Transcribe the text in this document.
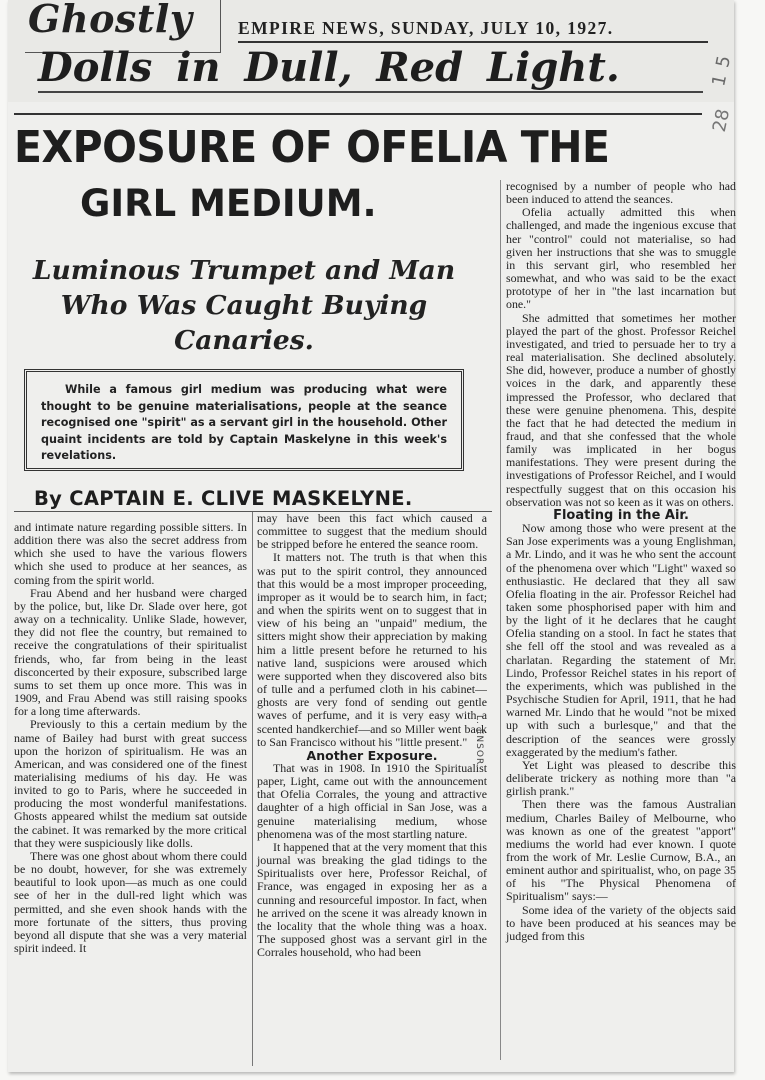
Ghostly	EMPIRE NEWS, SUNDAY, JULY 10, 1927.
Dolls in Dull, Red Light.	1 5
28
EXPOSURE OF OFELIA THE
GIRL MEDIUM.
Luminous Trumpet and Man Who Was Caught Buying Canaries.
While a famous girl medium was producing what were thought to be genuine materialisations, people at the seance recognised one "spirit" as a servant girl in the household. Other quaint incidents are told by Captain Maskelyne in this week's revelations.
By CAPTAIN E. CLIVE MASKELYNE.

and intimate nature regarding possible sitters. In addition there was also the secret address from which she used to have the various flowers which she used to produce at her seances, as coming from the spirit world.

Frau Abend and her husband were charged by the police, but, like Dr. Slade over here, got away on a technicality. Unlike Slade, however, they did not flee the country, but remained to receive the congratulations of their spiritualist friends, who, far from being in the least disconcerted by their exposure, subscribed large sums to set them up once more. This was in 1909, and Frau Abend was still raising spooks for a long time afterwards.

Previously to this a certain medium by the name of Bailey had burst with great success upon the horizon of spiritualism. He was an American, and was considered one of the finest materialising mediums of his day. He was invited to go to Paris, where he succeeded in producing the most wonderful manifestations. Ghosts appeared whilst the medium sat outside the cabinet. It was remarked by the more critical that they were suspiciously like dolls.

There was one ghost about whom there could be no doubt, however, for she was extremely beautiful to look upon—as much as one could see of her in the dull-red light which was permitted, and she even shook hands with the more fortunate of the sitters, thus proving beyond all dispute that she was a very material spirit indeed. It

may have been this fact which caused a committee to suggest that the medium should be stripped before he entered the seance room.

It matters not. The truth is that when this was put to the spirit control, they announced that this would be a most improper proceeding, improper as it would be to search him, in fact; and when the spirits went on to suggest that in view of his being an "unpaid" medium, the sitters might show their appreciation by making him a little present before he returned to his native land, suspicions were aroused which were supported when they discovered also bits of tulle and a perfumed cloth in his cabinet—ghosts are very fond of sending out gentle waves of perfume, and it is very easy with a scented handkerchief—and so Miller went back to San Francisco without his "little present."

Another Exposure.

That was in 1908. In 1910 the Spiritualist paper, Light, came out with the announcement that Ofelia Corrales, the young and attractive daughter of a high official in San Jose, was a genuine materialising medium, whose phenomena was of the most startling nature.

It happened that at the very moment that this journal was breaking the glad tidings to the Spiritualists over here, Professor Reichal, of France, was engaged in exposing her as a cunning and resourceful impostor. In fact, when he arrived on the scene it was already known in the locality that the whole thing was a hoax. The supposed ghost was a servant girl in the Corrales household, who had been

L. ENSOR

recognised by a number of people who had been induced to attend the seances.

Ofelia actually admitted this when challenged, and made the ingenious excuse that her "control" could not materialise, so had given her instructions that she was to smuggle in this servant girl, who resembled her somewhat, and who was said to be the exact prototype of her in "the last incarnation but one."

She admitted that sometimes her mother played the part of the ghost. Professor Reichel investigated, and tried to persuade her to try a real materialisation. She declined absolutely. She did, however, produce a number of ghostly voices in the dark, and apparently these impressed the Professor, who declared that these were genuine phenomena. This, despite the fact that he had detected the medium in fraud, and that she confessed that the whole family was implicated in her bogus manifestations. They were present during the investigations of Professor Reichel, and I would respectfully suggest that on this occasion his observation was not so keen as it was on others.

Floating in the Air.

Now among those who were present at the San Jose experiments was a young Englishman, a Mr. Lindo, and it was he who sent the account of the phenomena over which "Light" waxed so enthusiastic. He declared that they all saw Ofelia floating in the air. Professor Reichel had taken some phosphorised paper with him and by the light of it he declares that he caught Ofelia standing on a stool. In fact he states that she fell off the stool and was revealed as a charlatan. Regarding the statement of Mr. Lindo, Professor Reichel states in his report of the experiments, which was published in the Psychische Studien for April, 1911, that he had warned Mr. Lindo that he would "not be mixed up with such a burlesque," and that the description of the seances were grossly exaggerated by the medium's father.

Yet Light was pleased to describe this deliberate trickery as nothing more than "a girlish prank."

Then there was the famous Australian medium, Charles Bailey of Melbourne, who was known as one of the greatest "apport" mediums the world had ever known. I quote from the work of Mr. Leslie Curnow, B.A., an eminent author and spiritualist, who, on page 35 of his "The Physical Phenomena of Spiritualism" says:—

Some idea of the variety of the objects said to have been produced at his seances may be judged from this
